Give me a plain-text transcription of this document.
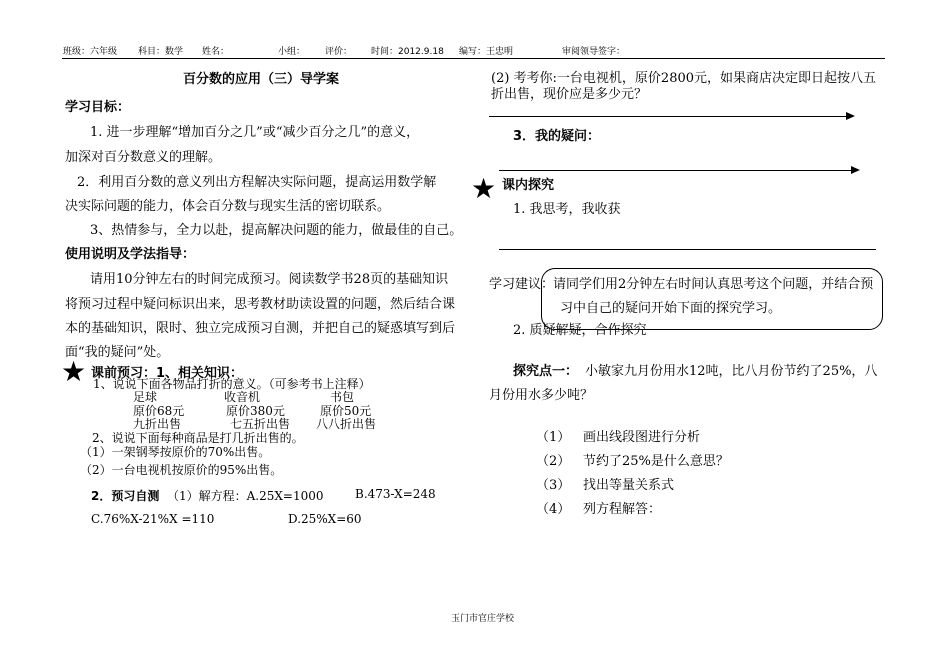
班级：六年级 科目：数学 姓名：	小组： 评价： 时间：2012.9.18 编写：王忠明	审阅领导签字：
百分数的应用（三）导学案
学习目标：
1. 进一步理解“增加百分之几”或“减少百分之几”的意义，
加深对百分数意义的理解。
2．利用百分数的意义列出方程解决实际问题，提高运用数学解
决实际问题的能力，体会百分数与现实生活的密切联系。
3、热情参与，全力以赴，提高解决问题的能力，做最佳的自己。
使用说明及学法指导：
请用10分钟左右的时间完成预习。阅读数学书28页的基础知识
将预习过程中疑问标识出来，思考教材助读设置的问题，然后结合课
本的基础知识，限时、独立完成预习自测，并把自己的疑惑填写到后
面“我的疑问”处。
★ 课前预习：1、相关知识：
1、说说下面各物品打折的意义。（可参考书上注释）
足球	收音机	书包
原价68元	原价380元	原价50元
九折出售	七五折出售 八八折出售
2、说说下面每种商品是打几折出售的。
（1）一架钢琴按原价的70%出售。
（2）一台电视机按原价的95%出售。
2．预习自测 （1）解方程：A.25X=1000	B.473-X=248
C.76%X-21%X =110	D.25%X=60
(2) 考考你:一台电视机，原价2800元，如果商店决定即日起按八五
折出售，现价应是多少元？
3．我的疑问：
★ 课内探究
1. 我思考，我收获
学习建议：
请同学们用2分钟左右时间认真思考这个问题，并结合预
习中自己的疑问开始下面的探究学习。
2. 质疑解疑，合作探究
探究点一： 小敏家九月份用水12吨，比八月份节约了25%，八
月份用水多少吨？
（1） 画出线段图进行分析
（2） 节约了25%是什么意思？
（3） 找出等量关系式
（4） 列方程解答：
玉门市官庄学校
